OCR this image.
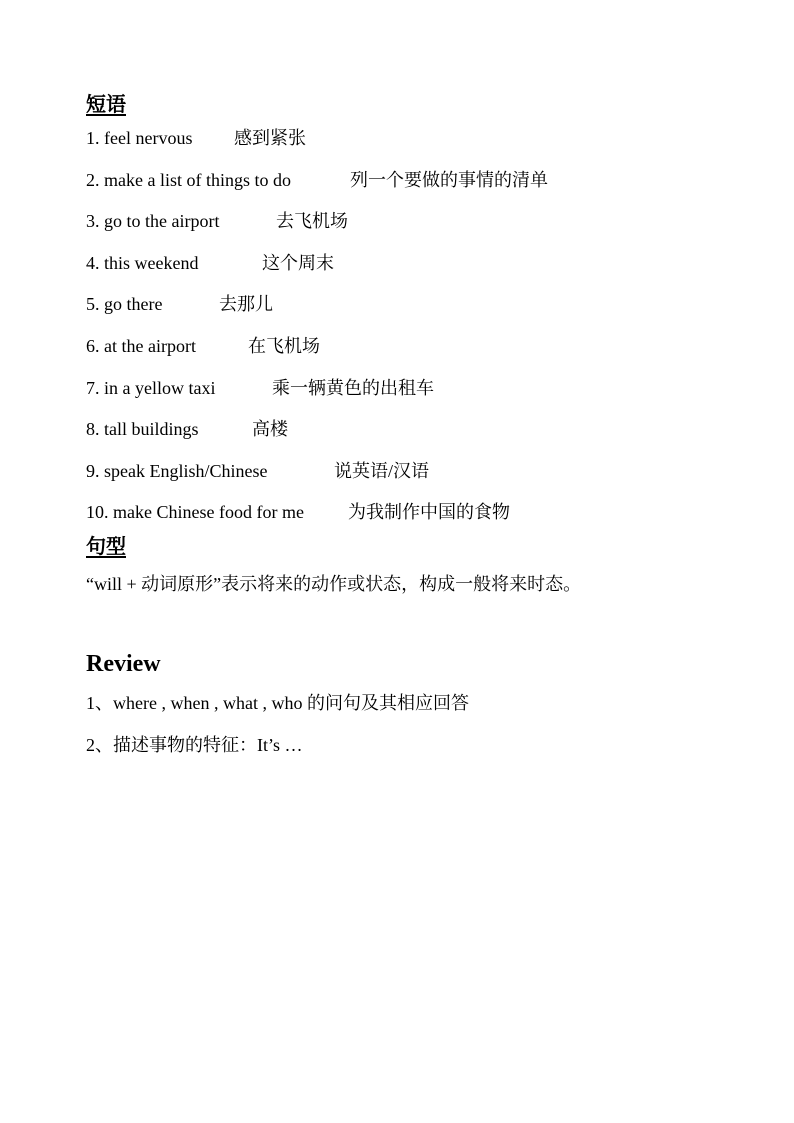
短语
1. feel nervous	感到紧张
2. make a list of things to do	列一个要做的事情的清单
3. go to the airport	去飞机场
4. this weekend	这个周末
5. go there	去那儿
6. at the airport	在飞机场
7. in a yellow taxi	乘一辆黄色的出租车
8. tall buildings	高楼
9. speak English/Chinese	说英语/汉语
10. make Chinese food for me	为我制作中国的食物
句型
“will + 动词原形”表示将来的动作或状态，构成一般将来时态。
Review
1、where , when , what , who 的问句及其相应回答
2、描述事物的特征：It’s …
